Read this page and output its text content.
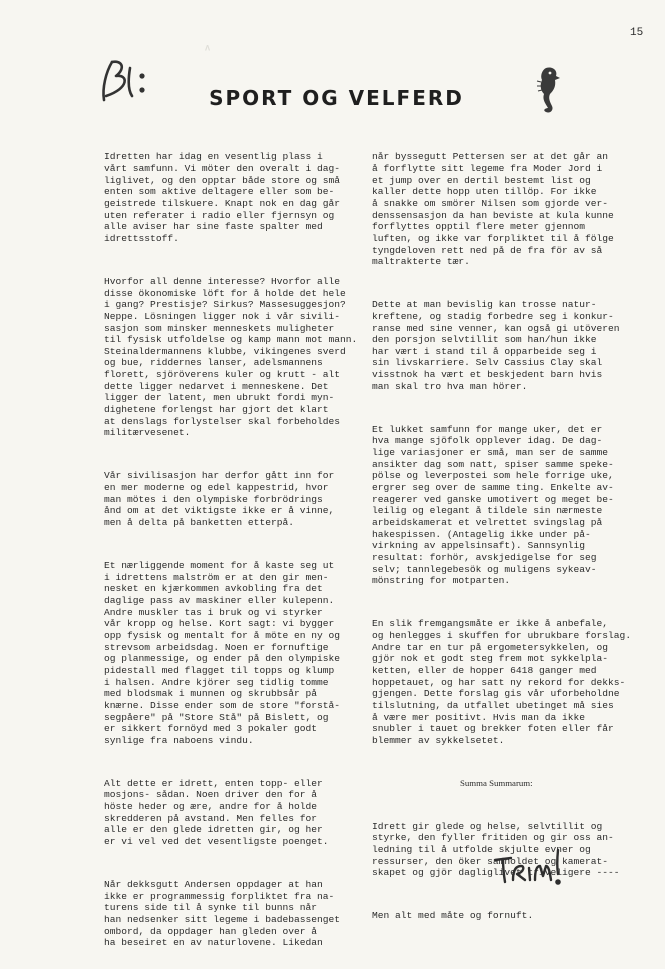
15
V
SPORT OG VELFERD

Idretten har idag en vesentlig plass i
vårt samfunn. Vi möter den overalt i dag-
liglivet, og den opptar både store og små
enten som aktive deltagere eller som be-
geistrede tilskuere. Knapt nok en dag går
uten referater i radio eller fjernsyn og
alle aviser har sine faste spalter med
idrettsstoff.

Hvorfor all denne interesse? Hvorfor alle
disse ökonomiske löft for å holde det hele
i gang? Prestisje? Sirkus? Massesuggesjon?
Neppe. Lösningen ligger nok i vår sivili-
sasjon som minsker menneskets muligheter
til fysisk utfoldelse og kamp mann mot mann.
Steinaldermannens klubbe, vikingenes sverd
og bue, riddernes lanser, adelsmannens
florett, sjöröverens kuler og krutt - alt
dette ligger nedarvet i menneskene. Det
ligger der latent, men ubrukt fordi myn-
dighetene forlengst har gjort det klart
at denslags forlystelser skal forbeholdes
militærvesenet.

Vår sivilisasjon har derfor gått inn for
en mer moderne og edel kappestrid, hvor
man mötes i den olympiske forbrödrings
ånd om at det viktigste ikke er å vinne,
men å delta på banketten etterpå.

Et nærliggende moment for å kaste seg ut
i idrettens malström er at den gir men-
nesket en kjærkommen avkobling fra det
daglige pass av maskiner eller kulepenn.
Andre muskler tas i bruk og vi styrker
vår kropp og helse. Kort sagt: vi bygger
opp fysisk og mentalt for å möte en ny og
strevsom arbeidsdag. Noen er fornuftige
og planmessige, og ender på den olympiske
pidestall med flagget til topps og klump
i halsen. Andre kjörer seg tidlig tomme
med blodsmak i munnen og skrubbsår på
knærne. Disse ender som de store "forstå-
segpåere" på "Store Stå" på Bislett, og
er sikkert fornöyd med 3 pokaler godt
synlige fra naboens vindu.

Alt dette er idrett, enten topp- eller
mosjons- sådan. Noen driver den for å
höste heder og ære, andre for å holde
skredderen på avstand. Men felles for
alle er den glede idretten gir, og her
er vi vel ved det vesentligste poenget.

Når dekksgutt Andersen oppdager at han
ikke er programmessig forpliktet fra na-
turens side til å synke til bunns når
han nedsenker sitt legeme i badebassenget
ombord, da oppdager han gleden over å
ha beseiret en av naturlovene. Likedan

når byssegutt Pettersen ser at det går an
å forflytte sitt legeme fra Moder Jord i
et jump over en dertil bestemt list og
kaller dette hopp uten tillöp. For ikke
å snakke om smörer Nilsen som gjorde ver-
denssensasjon da han beviste at kula kunne
forflyttes opptil flere meter gjennom
luften, og ikke var forpliktet til å fölge
tyngdeloven rett ned på de fra för av så
maltrakterte tær.

Dette at man bevislig kan trosse natur-
kreftene, og stadig forbedre seg i konkur-
ranse med sine venner, kan også gi utöveren
den porsjon selvtillit som han/hun ikke
har vært i stand til å opparbeide seg i
sin livskarriere. Selv Cassius Clay skal
visstnok ha vært et beskjedent barn hvis
man skal tro hva man hörer.

Et lukket samfunn for mange uker, det er
hva mange sjöfolk opplever idag. De dag-
lige variasjoner er små, man ser de samme
ansikter dag som natt, spiser samme speke-
pölse og leverpostei som hele forrige uke,
ergrer seg over de samme ting. Enkelte av-
reagerer ved ganske umotivert og meget be-
leilig og elegant å tildele sin nærmeste
arbeidskamerat et velrettet svingslag på
hakespissen. (Antagelig ikke under på-
virkning av appelsinsaft). Sannsynlig
resultat: forhör, avskjedigelse for seg
selv; tannlegebesök og muligens sykeav-
mönstring for motparten.

En slik fremgangsmåte er ikke å anbefale,
og henlegges i skuffen for ubrukbare forslag.
Andre tar en tur på ergometersykkelen, og
gjör nok et godt steg frem mot sykkelpla-
ketten, eller de hopper 6418 ganger med
hoppetauet, og har satt ny rekord for dekks-
gjengen. Dette forslag gis vår uforbeholdne
tilslutning, da utfallet ubetinget må sies
å være mer positivt. Hvis man da ikke
snubler i tauet og brekker foten eller får
blemmer av sykkelsetet.

Summa Summarum:

Idrett gir glede og helse, selvtillit og
styrke, den fyller fritiden og gir oss an-
ledning til å utfolde skjulte evner og
ressurser, den öker samholdet og kamerat-
skapet og gjör dagliglivet triveligere ----

Men alt med måte og fornuft.
